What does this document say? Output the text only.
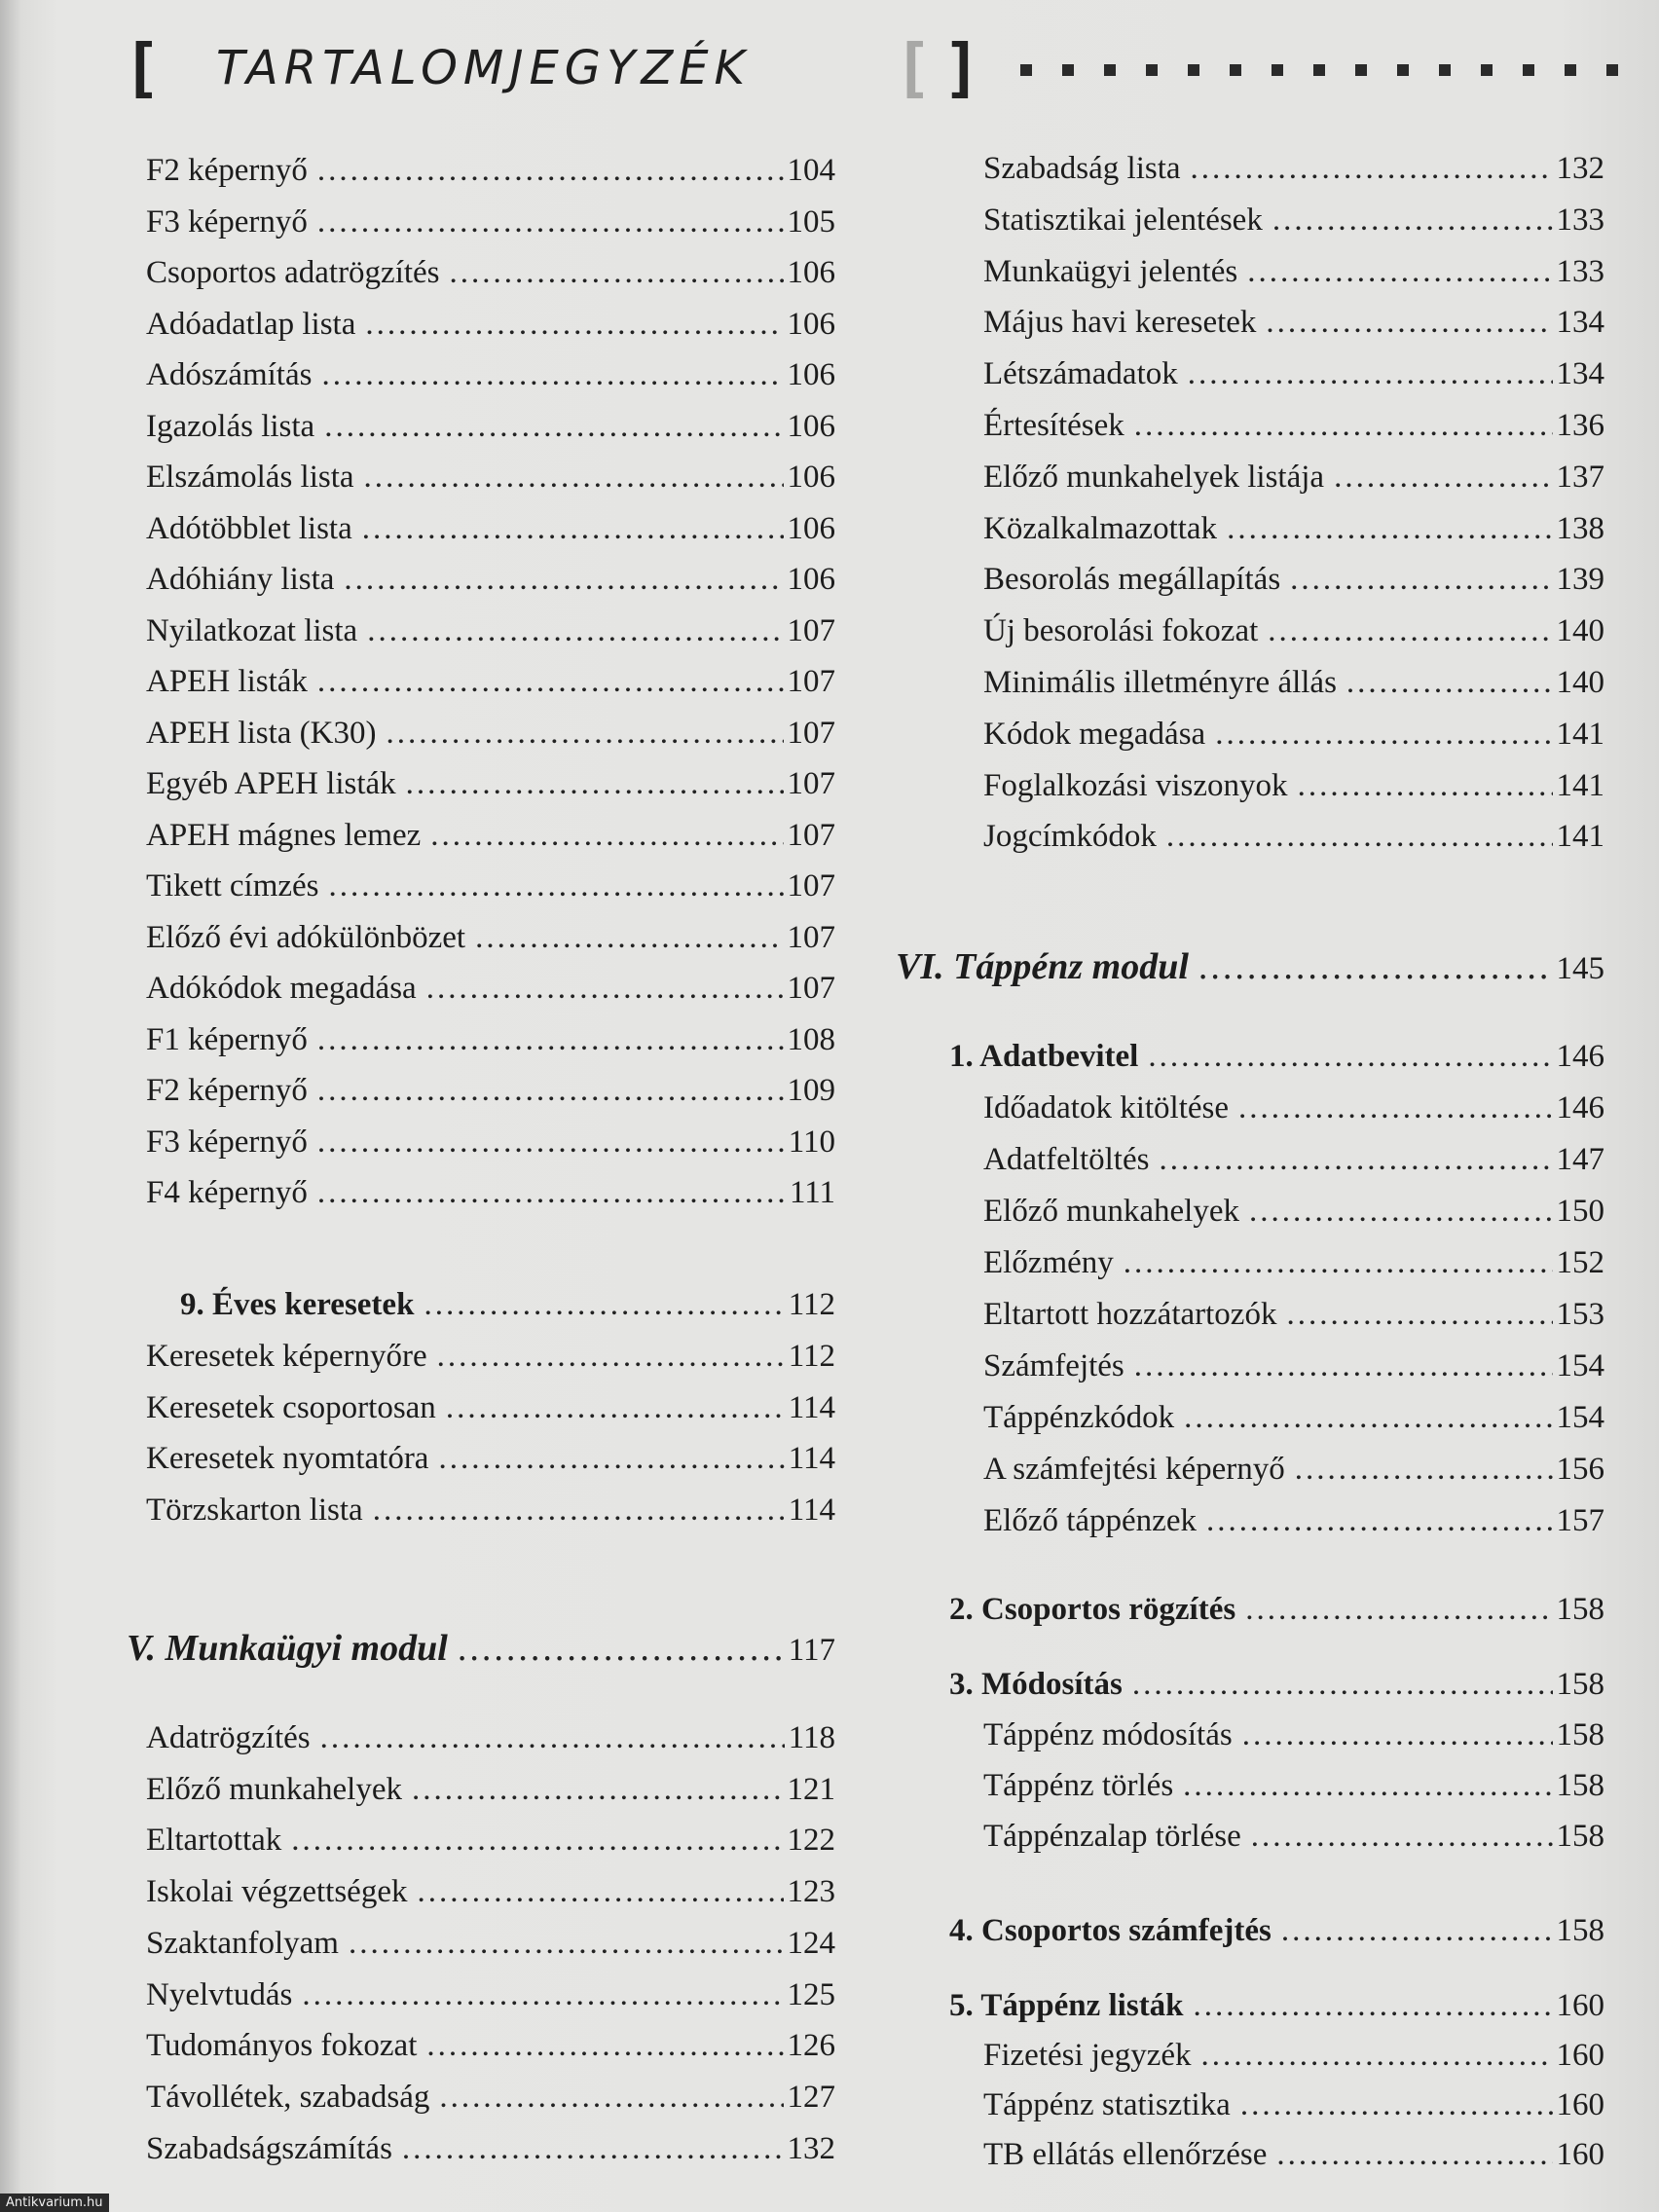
[ TARTALOMJEGYZÉK [ ]
F2 képernyő .....	104
F3 képernyő .....	105
Csoportos adatrögzítés .....	106
Adóadatlap lista .....	106
Adószámítás .....	106
Igazolás lista .....	106
Elszámolás lista .....	106
Adótöbblet lista .....	106
Adóhiány lista .....	106
Nyilatkozat lista .....	107
APEH listák .....	107
APEH lista (K30) .....	107
Egyéb APEH listák .....	107
APEH mágnes lemez .....	107
Tikett címzés .....	107
Előző évi adókülönbözet .....	107
Adókódok megadása .....	107
F1 képernyő .....	108
F2 képernyő .....	109
F3 képernyő .....	110
F4 képernyő .....	111
9. Éves keresetek .....	112
Keresetek képernyőre .....	112
Keresetek csoportosan .....	114
Keresetek nyomtatóra .....	114
Törzskarton lista .....	114
V. Munkaügyi modul .....	117
Adatrögzítés .....	118
Előző munkahelyek .....	121
Eltartottak .....	122
Iskolai végzettségek .....	123
Szaktanfolyam .....	124
Nyelvtudás .....	125
Tudományos fokozat .....	126
Távollétek, szabadság .....	127
Szabadságszámítás .....	132
Szabadság lista .....	132
Statisztikai jelentések .....	133
Munkaügyi jelentés .....	133
Május havi keresetek .....	134
Létszámadatok .....	134
Értesítések .....	136
Előző munkahelyek listája .....	137
Közalkalmazottak .....	138
Besorolás megállapítás .....	139
Új besorolási fokozat .....	140
Minimális illetményre állás .....	140
Kódok megadása .....	141
Foglalkozási viszonyok .....	141
Jogcímkódok .....	141
VI. Táppénz modul .....	145
1. Adatbevitel .....	146
Időadatok kitöltése .....	146
Adatfeltöltés .....	147
Előző munkahelyek .....	150
Előzmény .....	152
Eltartott hozzátartozók .....	153
Számfejtés .....	154
Táppénzkódok .....	154
A számfejtési képernyő .....	156
Előző táppénzek .....	157
2. Csoportos rögzítés .....	158
3. Módosítás .....	158
Táppénz módosítás .....	158
Táppénz törlés .....	158
Táppénzalap törlése .....	158
4. Csoportos számfejtés .....	158
5. Táppénz listák .....	160
Fizetési jegyzék .....	160
Táppénz statisztika .....	160
TB ellátás ellenőrzése .....	160
Antikvarium.hu
